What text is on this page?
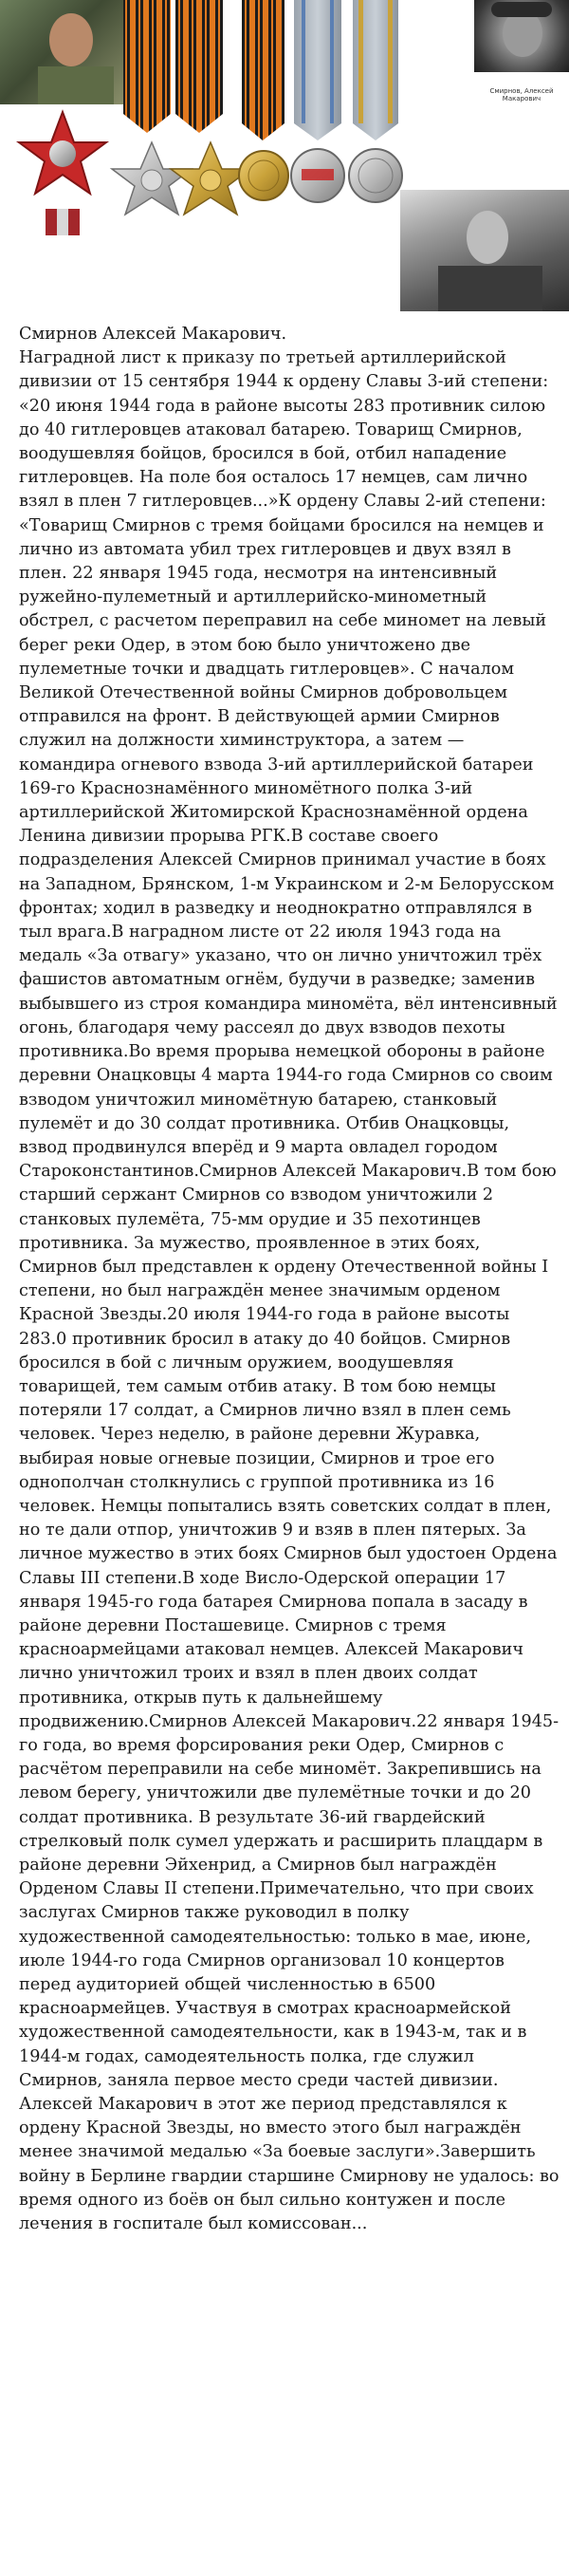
Смирнов, Алексей Макарович
Смирнов Алексей Макарович.
Наградной лист к приказу по третьей артиллерийской дивизии от 15 сентября 1944 к ордену Славы 3-ий степени: «20 июня 1944 года в районе высоты 283 противник силою до 40 гитлеровцев атаковал батарею. Товарищ Смирнов, воодушевляя бойцов, бросился в бой, отбил нападение гитлеровцев. На поле боя осталось 17 немцев, сам лично взял в плен 7 гитлеровцев...»К ордену Славы 2-ий степени: «Товарищ Смирнов с тремя бойцами бросился на немцев и лично из автомата убил трех гитлеровцев и двух взял в плен. 22 января 1945 года, несмотря на интенсивный ружейно-пулеметный и артиллерийско-минометный обстрел, с расчетом переправил на себе миномет на левый берег реки Одер, в этом бою было уничтожено две пулеметные точки и двадцать гитлеровцев». С началом Великой Отечественной войны Смирнов добровольцем отправился на фронт. В действующей армии Смирнов служил на должности химинструктора, а затем — командира огневого взвода 3-ий артиллерийской батареи 169-го Краснознамённого миномётного полка 3-ий артиллерийской Житомирской Краснознамённой ордена Ленина дивизии прорыва РГК.В составе своего подразделения Алексей Смирнов принимал участие в боях на Западном, Брянском, 1-м Украинском и 2-м Белорусском фронтах; ходил в разведку и неоднократно отправлялся в тыл врага.В наградном листе от 22 июля 1943 года на медаль «За отвагу» указано, что он лично уничтожил трёх фашистов автоматным огнём, будучи в разведке; заменив выбывшего из строя командира миномёта, вёл интенсивный огонь, благодаря чему рассеял до двух взводов пехоты противника.Во время прорыва немецкой обороны в районе деревни Онацковцы 4 марта 1944-го года Смирнов со своим взводом уничтожил миномётную батарею, станковый пулемёт и до 30 солдат противника. Отбив Онацковцы, взвод продвинулся вперёд и 9 марта овладел городом Староконстантинов.Смирнов Алексей Макарович.В том бою старший сержант Смирнов со взводом уничтожили 2 станковых пулемёта, 75-мм орудие и 35 пехотинцев противника. За мужество, проявленное в этих боях, Смирнов был представлен к ордену Отечественной войны I степени, но был награждён менее значимым орденом Красной Звезды.20 июля 1944-го года в районе высоты 283.0 противник бросил в атаку до 40 бойцов. Смирнов бросился в бой с личным оружием, воодушевляя товарищей, тем самым отбив атаку. В том бою немцы потеряли 17 солдат, а Смирнов лично взял в плен семь человек. Через неделю, в районе деревни Журавка, выбирая новые огневые позиции, Смирнов и трое его однополчан столкнулись с группой противника из 16 человек. Немцы попытались взять советских солдат в плен, но те дали отпор, уничтожив 9 и взяв в плен пятерых. За личное мужество в этих боях Смирнов был удостоен Ордена Славы III степени.В ходе Висло-Одерской операции 17 января 1945-го года батарея Смирнова попала в засаду в районе деревни Посташевице. Смирнов с тремя красноармейцами атаковал немцев. Алексей Макарович лично уничтожил троих и взял в плен двоих солдат противника, открыв путь к дальнейшему продвижению.Смирнов Алексей Макарович.22 января 1945-го года, во время форсирования реки Одер, Смирнов с расчётом переправили на себе миномёт. Закрепившись на левом берегу, уничтожили две пулемётные точки и до 20 солдат противника. В результате 36-ий гвардейский стрелковый полк сумел удержать и расширить плацдарм в районе деревни Эйхенрид, а Смирнов был награждён Орденом Славы II степени.Примечательно, что при своих заслугах Смирнов также руководил в полку художественной самодеятельностью: только в мае, июне, июле 1944-го года Смирнов организовал 10 концертов перед аудиторией общей численностью в 6500 красноармейцев. Участвуя в смотрах красноармейской художественной самодеятельности, как в 1943-м, так и в 1944-м годах, самодеятельность полка, где служил Смирнов, заняла первое место среди частей дивизии. Алексей Макарович в этот же период представлялся к ордену Красной Звезды, но вместо этого был награждён менее значимой медалью «За боевые заслуги».Завершить войну в Берлине гвардии старшине Смирнову не удалось: во время одного из боёв он был сильно контужен и после лечения в госпитале был комиссован...
